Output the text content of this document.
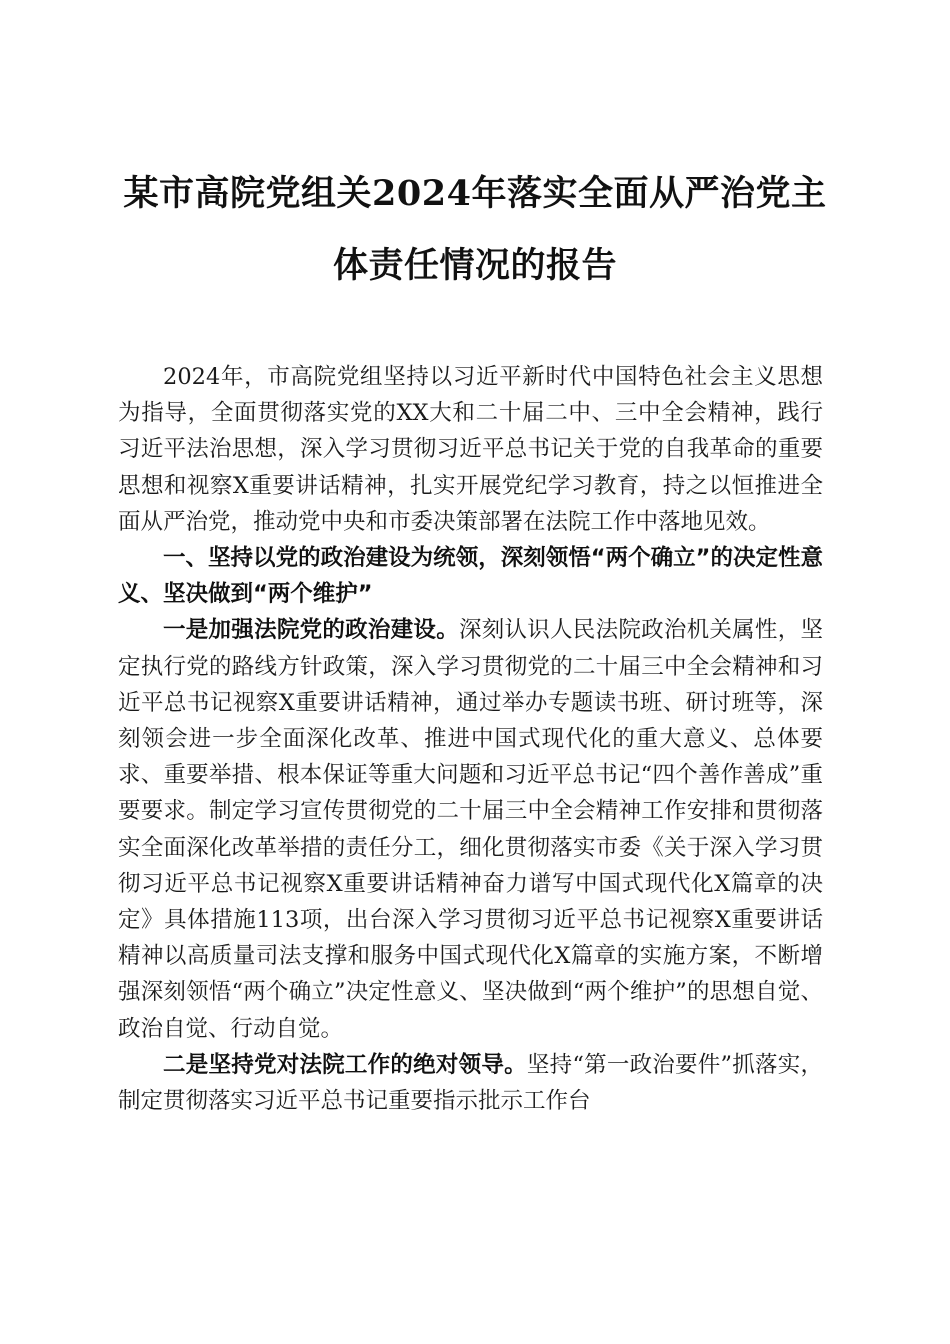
某市高院党组关2024年落实全面从严治党主
体责任情况的报告

2024年，市高院党组坚持以习近平新时代中国特色社会主义思想为指导，全面贯彻落实党的XX大和二十届二中、三中全会精神，践行习近平法治思想，深入学习贯彻习近平总书记关于党的自我革命的重要思想和视察X重要讲话精神，扎实开展党纪学习教育，持之以恒推进全面从严治党，推动党中央和市委决策部署在法院工作中落地见效。

一、坚持以党的政治建设为统领，深刻领悟“两个确立”的决定性意义、坚决做到“两个维护”

一是加强法院党的政治建设。深刻认识人民法院政治机关属性，坚定执行党的路线方针政策，深入学习贯彻党的二十届三中全会精神和习近平总书记视察X重要讲话精神，通过举办专题读书班、研讨班等，深刻领会进一步全面深化改革、推进中国式现代化的重大意义、总体要求、重要举措、根本保证等重大问题和习近平总书记“四个善作善成”重要要求。制定学习宣传贯彻党的二十届三中全会精神工作安排和贯彻落实全面深化改革举措的责任分工，细化贯彻落实市委《关于深入学习贯彻习近平总书记视察X重要讲话精神奋力谱写中国式现代化X篇章的决定》具体措施113项，出台深入学习贯彻习近平总书记视察X重要讲话精神以高质量司法支撑和服务中国式现代化X篇章的实施方案，不断增强深刻领悟“两个确立”决定性意义、坚决做到“两个维护”的思想自觉、政治自觉、行动自觉。

二是坚持党对法院工作的绝对领导。坚持“第一政治要件”抓落实，制定贯彻落实习近平总书记重要指示批示工作台
